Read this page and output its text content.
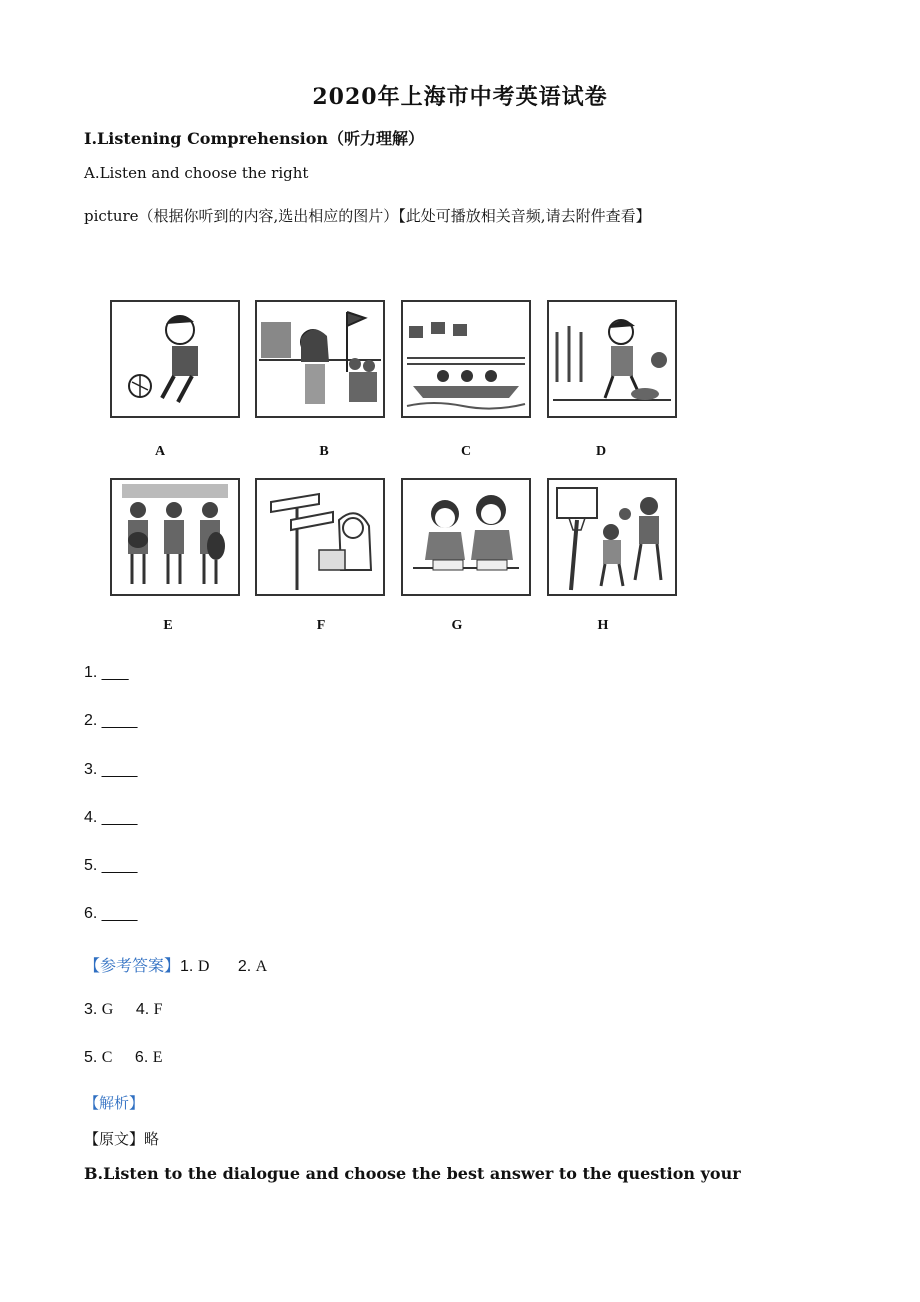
2020年上海市中考英语试卷
Ⅰ.Listening Comprehension（听力理解）
A.Listen and choose the right
picture（根据你听到的内容,选出相应的图片）【此处可播放相关音频,请去附件查看】
A	B	C	D
E	F	G	H
1. ___
2. ____
3. ____
4. ____
5. ____
6. ____
【参考答案】1. D 2. A
3. G 4. F
5. C 6. E
【解析】
【原文】略
B.Listen to the dialogue and choose the best answer to the question your
